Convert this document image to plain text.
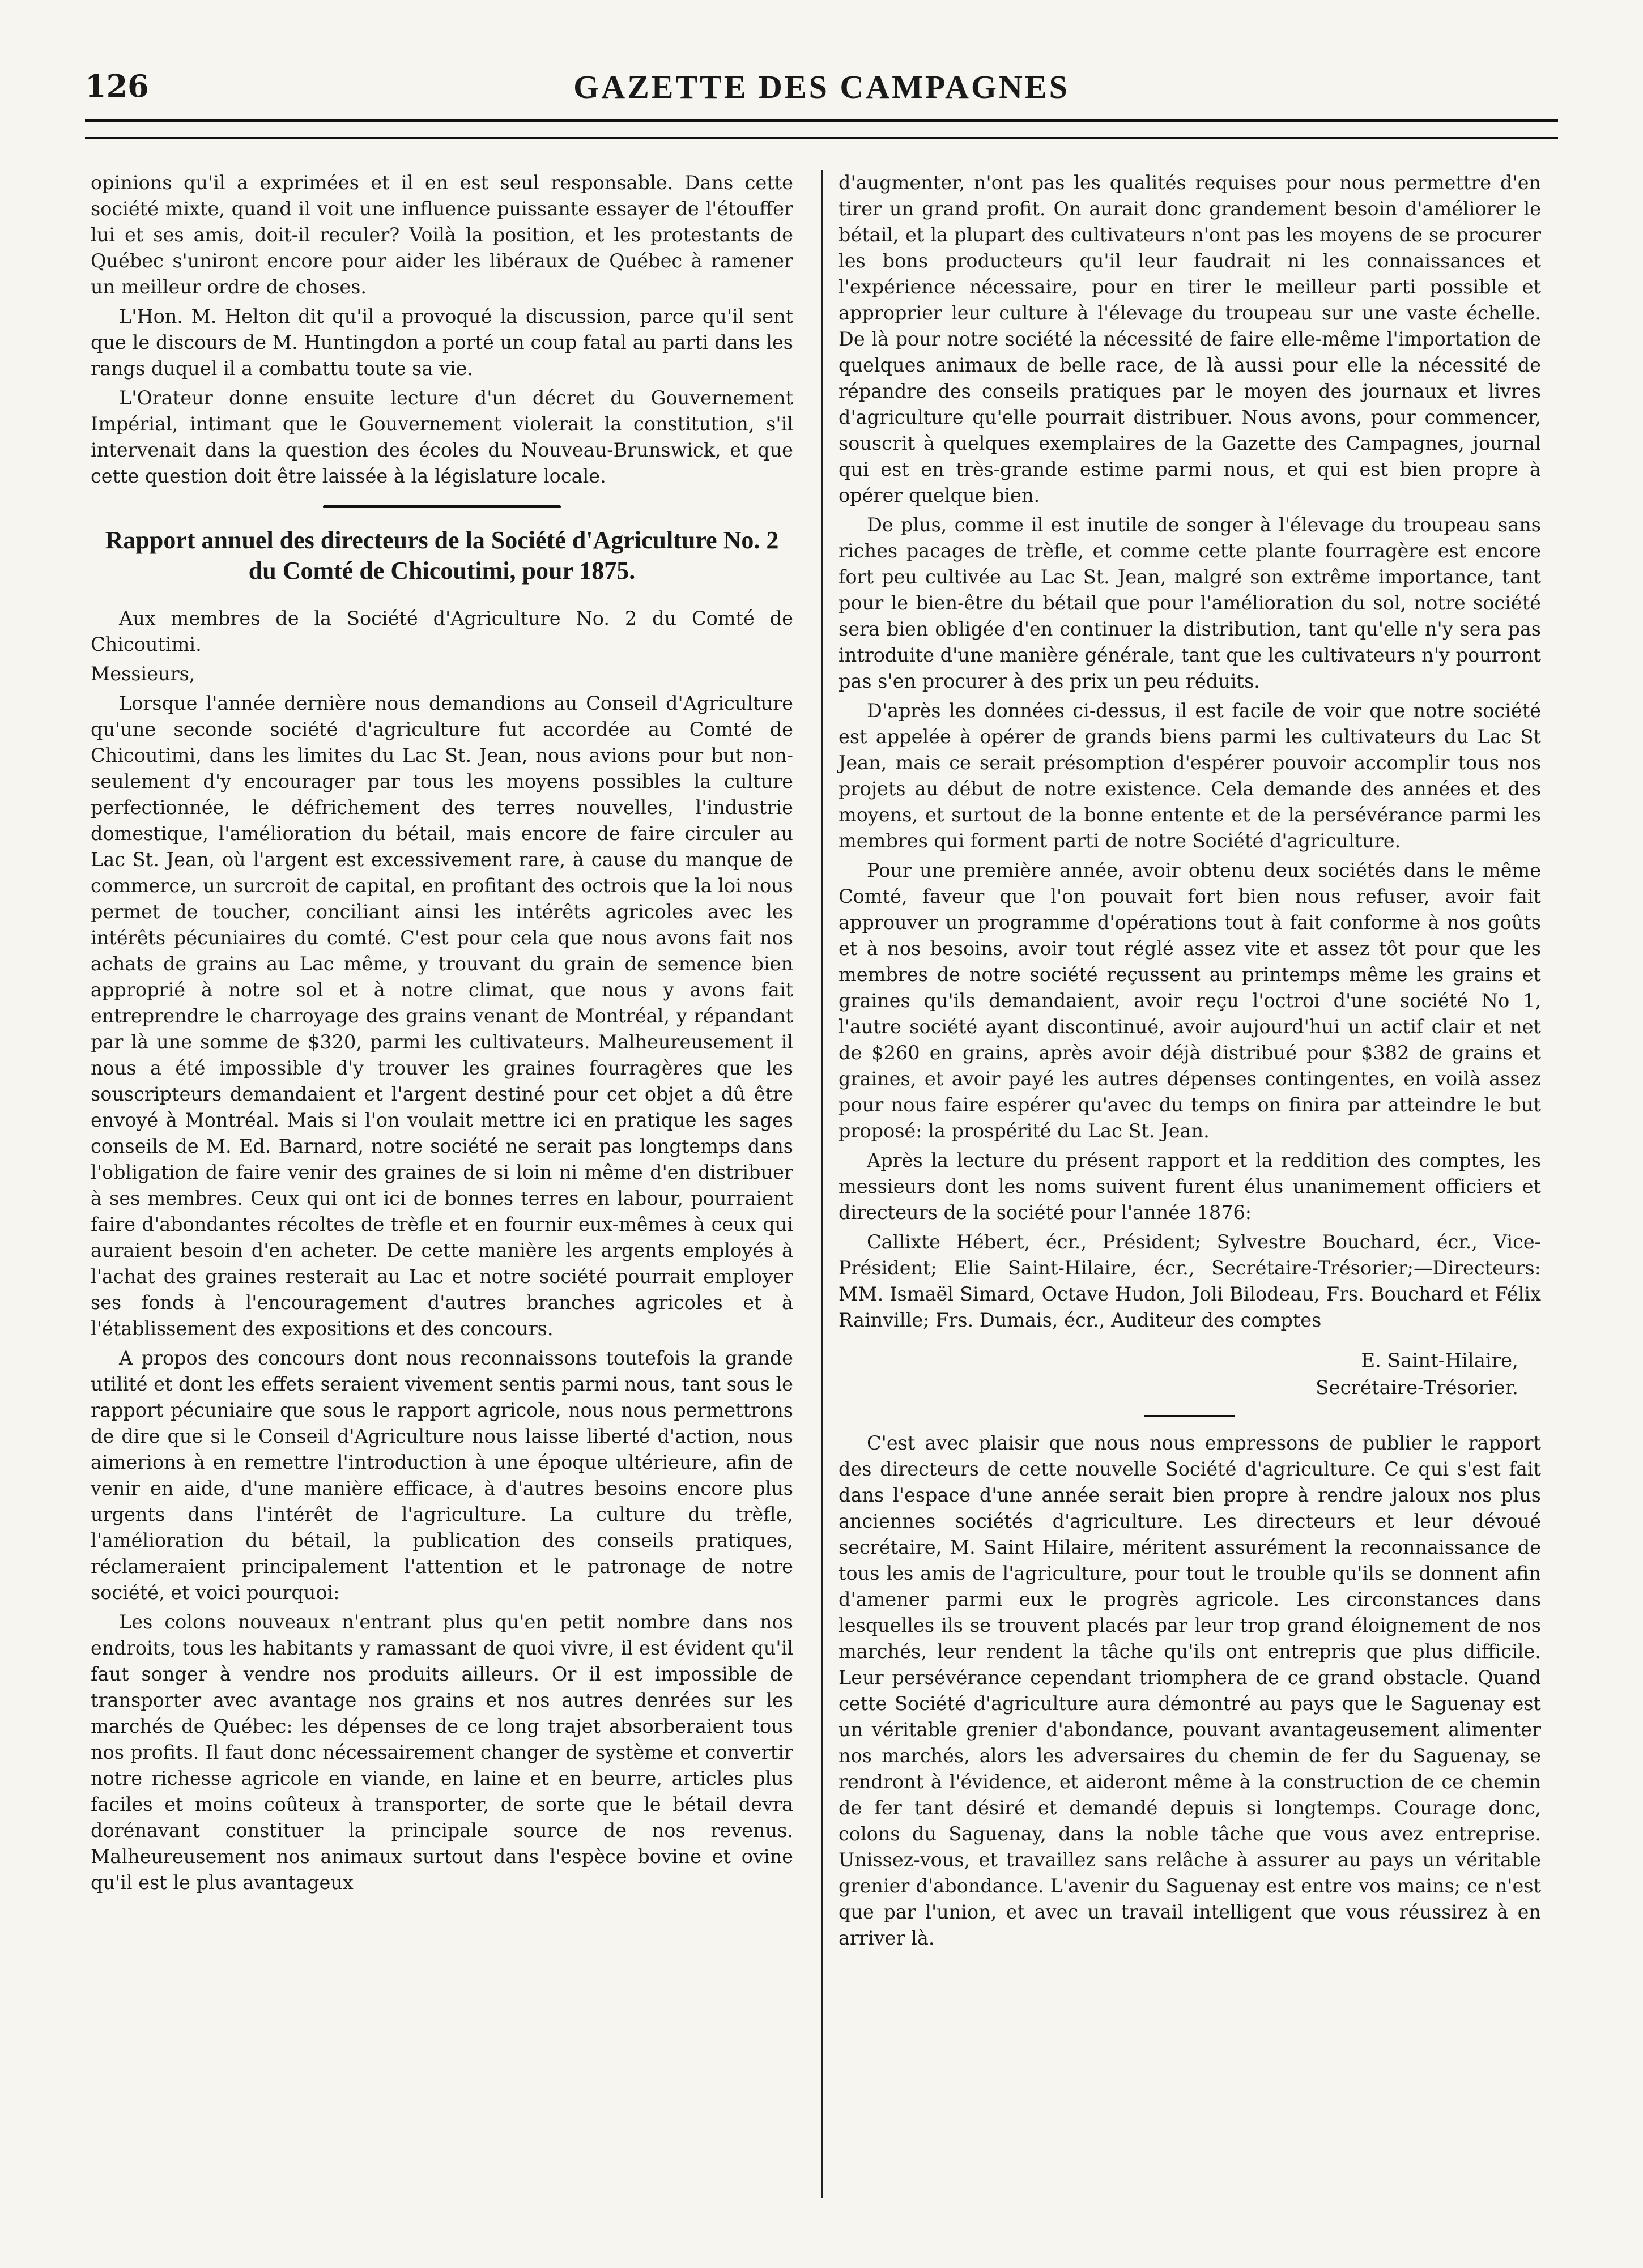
126	GAZETTE DES CAMPAGNES

opinions qu'il a exprimées et il en est seul responsable. Dans cette société mixte, quand il voit une influence puissante essayer de l'étouffer lui et ses amis, doit-il reculer? Voilà la position, et les protestants de Québec s'uniront encore pour aider les libéraux de Québec à ramener un meilleur ordre de choses.

L'Hon. M. Helton dit qu'il a provoqué la discussion, parce qu'il sent que le discours de M. Huntingdon a porté un coup fatal au parti dans les rangs duquel il a combattu toute sa vie.

L'Orateur donne ensuite lecture d'un décret du Gouvernement Impérial, intimant que le Gouvernement violerait la constitution, s'il intervenait dans la question des écoles du Nouveau-Brunswick, et que cette question doit être laissée à la législature locale.

Rapport annuel des directeurs de la Société d'Agriculture No. 2 du Comté de Chicoutimi, pour 1875.

Aux membres de la Société d'Agriculture No. 2 du Comté de Chicoutimi.

Messieurs,

Lorsque l'année dernière nous demandions au Conseil d'Agriculture qu'une seconde société d'agriculture fut accordée au Comté de Chicoutimi, dans les limites du Lac St. Jean, nous avions pour but non-seulement d'y encourager par tous les moyens possibles la culture perfectionnée, le défrichement des terres nouvelles, l'industrie domestique, l'amélioration du bétail, mais encore de faire circuler au Lac St. Jean, où l'argent est excessivement rare, à cause du manque de commerce, un surcroit de capital, en profitant des octrois que la loi nous permet de toucher, conciliant ainsi les intérêts agricoles avec les intérêts pécuniaires du comté. C'est pour cela que nous avons fait nos achats de grains au Lac même, y trouvant du grain de semence bien approprié à notre sol et à notre climat, que nous y avons fait entreprendre le charroyage des grains venant de Montréal, y répandant par là une somme de $320, parmi les cultivateurs. Malheureusement il nous a été impossible d'y trouver les graines fourragères que les souscripteurs demandaient et l'argent destiné pour cet objet a dû être envoyé à Montréal. Mais si l'on voulait mettre ici en pratique les sages conseils de M. Ed. Barnard, notre société ne serait pas longtemps dans l'obligation de faire venir des graines de si loin ni même d'en distribuer à ses membres. Ceux qui ont ici de bonnes terres en labour, pourraient faire d'abondantes récoltes de trèfle et en fournir eux-mêmes à ceux qui auraient besoin d'en acheter. De cette manière les argents employés à l'achat des graines resterait au Lac et notre société pourrait employer ses fonds à l'encouragement d'autres branches agricoles et à l'établissement des expositions et des concours.

A propos des concours dont nous reconnaissons toutefois la grande utilité et dont les effets seraient vivement sentis parmi nous, tant sous le rapport pécuniaire que sous le rapport agricole, nous nous permettrons de dire que si le Conseil d'Agriculture nous laisse liberté d'action, nous aimerions à en remettre l'introduction à une époque ultérieure, afin de venir en aide, d'une manière efficace, à d'autres besoins encore plus urgents dans l'intérêt de l'agriculture. La culture du trèfle, l'amélioration du bétail, la publication des conseils pratiques, réclameraient principalement l'attention et le patronage de notre société, et voici pourquoi:

Les colons nouveaux n'entrant plus qu'en petit nombre dans nos endroits, tous les habitants y ramassant de quoi vivre, il est évident qu'il faut songer à vendre nos produits ailleurs. Or il est impossible de transporter avec avantage nos grains et nos autres denrées sur les marchés de Québec: les dépenses de ce long trajet absorberaient tous nos profits. Il faut donc nécessairement changer de système et convertir notre richesse agricole en viande, en laine et en beurre, articles plus faciles et moins coûteux à transporter, de sorte que le bétail devra dorénavant constituer la principale source de nos revenus. Malheureusement nos animaux surtout dans l'espèce bovine et ovine qu'il est le plus avantageux

d'augmenter, n'ont pas les qualités requises pour nous permettre d'en tirer un grand profit. On aurait donc grandement besoin d'améliorer le bétail, et la plupart des cultivateurs n'ont pas les moyens de se procurer les bons producteurs qu'il leur faudrait ni les connaissances et l'expérience nécessaire, pour en tirer le meilleur parti possible et approprier leur culture à l'élevage du troupeau sur une vaste échelle. De là pour notre société la nécessité de faire elle-même l'importation de quelques animaux de belle race, de là aussi pour elle la nécessité de répandre des conseils pratiques par le moyen des journaux et livres d'agriculture qu'elle pourrait distribuer. Nous avons, pour commencer, souscrit à quelques exemplaires de la Gazette des Campagnes, journal qui est en très-grande estime parmi nous, et qui est bien propre à opérer quelque bien.

De plus, comme il est inutile de songer à l'élevage du troupeau sans riches pacages de trèfle, et comme cette plante fourragère est encore fort peu cultivée au Lac St. Jean, malgré son extrême importance, tant pour le bien-être du bétail que pour l'amélioration du sol, notre société sera bien obligée d'en continuer la distribution, tant qu'elle n'y sera pas introduite d'une manière générale, tant que les cultivateurs n'y pourront pas s'en procurer à des prix un peu réduits.

D'après les données ci-dessus, il est facile de voir que notre société est appelée à opérer de grands biens parmi les cultivateurs du Lac St Jean, mais ce serait présomption d'espérer pouvoir accomplir tous nos projets au début de notre existence. Cela demande des années et des moyens, et surtout de la bonne entente et de la persévérance parmi les membres qui forment parti de notre Société d'agriculture.

Pour une première année, avoir obtenu deux sociétés dans le même Comté, faveur que l'on pouvait fort bien nous refuser, avoir fait approuver un programme d'opérations tout à fait conforme à nos goûts et à nos besoins, avoir tout réglé assez vite et assez tôt pour que les membres de notre société reçussent au printemps même les grains et graines qu'ils demandaient, avoir reçu l'octroi d'une société No 1, l'autre société ayant discontinué, avoir aujourd'hui un actif clair et net de $260 en grains, après avoir déjà distribué pour $382 de grains et graines, et avoir payé les autres dépenses contingentes, en voilà assez pour nous faire espérer qu'avec du temps on finira par atteindre le but proposé: la prospérité du Lac St. Jean.

Après la lecture du présent rapport et la reddition des comptes, les messieurs dont les noms suivent furent élus unanimement officiers et directeurs de la société pour l'année 1876:

Callixte Hébert, écr., Président; Sylvestre Bouchard, écr., Vice-Président; Elie Saint-Hilaire, écr., Secrétaire-Trésorier;—Directeurs: MM. Ismaël Simard, Octave Hudon, Joli Bilodeau, Frs. Bouchard et Félix Rainville; Frs. Dumais, écr., Auditeur des comptes

E. Saint-Hilaire,
Secrétaire-Trésorier.

C'est avec plaisir que nous nous empressons de publier le rapport des directeurs de cette nouvelle Société d'agriculture. Ce qui s'est fait dans l'espace d'une année serait bien propre à rendre jaloux nos plus anciennes sociétés d'agriculture. Les directeurs et leur dévoué secrétaire, M. Saint Hilaire, méritent assurément la reconnaissance de tous les amis de l'agriculture, pour tout le trouble qu'ils se donnent afin d'amener parmi eux le progrès agricole. Les circonstances dans lesquelles ils se trouvent placés par leur trop grand éloignement de nos marchés, leur rendent la tâche qu'ils ont entrepris que plus difficile. Leur persévérance cependant triomphera de ce grand obstacle. Quand cette Société d'agriculture aura démontré au pays que le Saguenay est un véritable grenier d'abondance, pouvant avantageusement alimenter nos marchés, alors les adversaires du chemin de fer du Saguenay, se rendront à l'évidence, et aideront même à la construction de ce chemin de fer tant désiré et demandé depuis si longtemps. Courage donc, colons du Saguenay, dans la noble tâche que vous avez entreprise. Unissez-vous, et travaillez sans relâche à assurer au pays un véritable grenier d'abondance. L'avenir du Saguenay est entre vos mains; ce n'est que par l'union, et avec un travail intelligent que vous réussirez à en arriver là.
